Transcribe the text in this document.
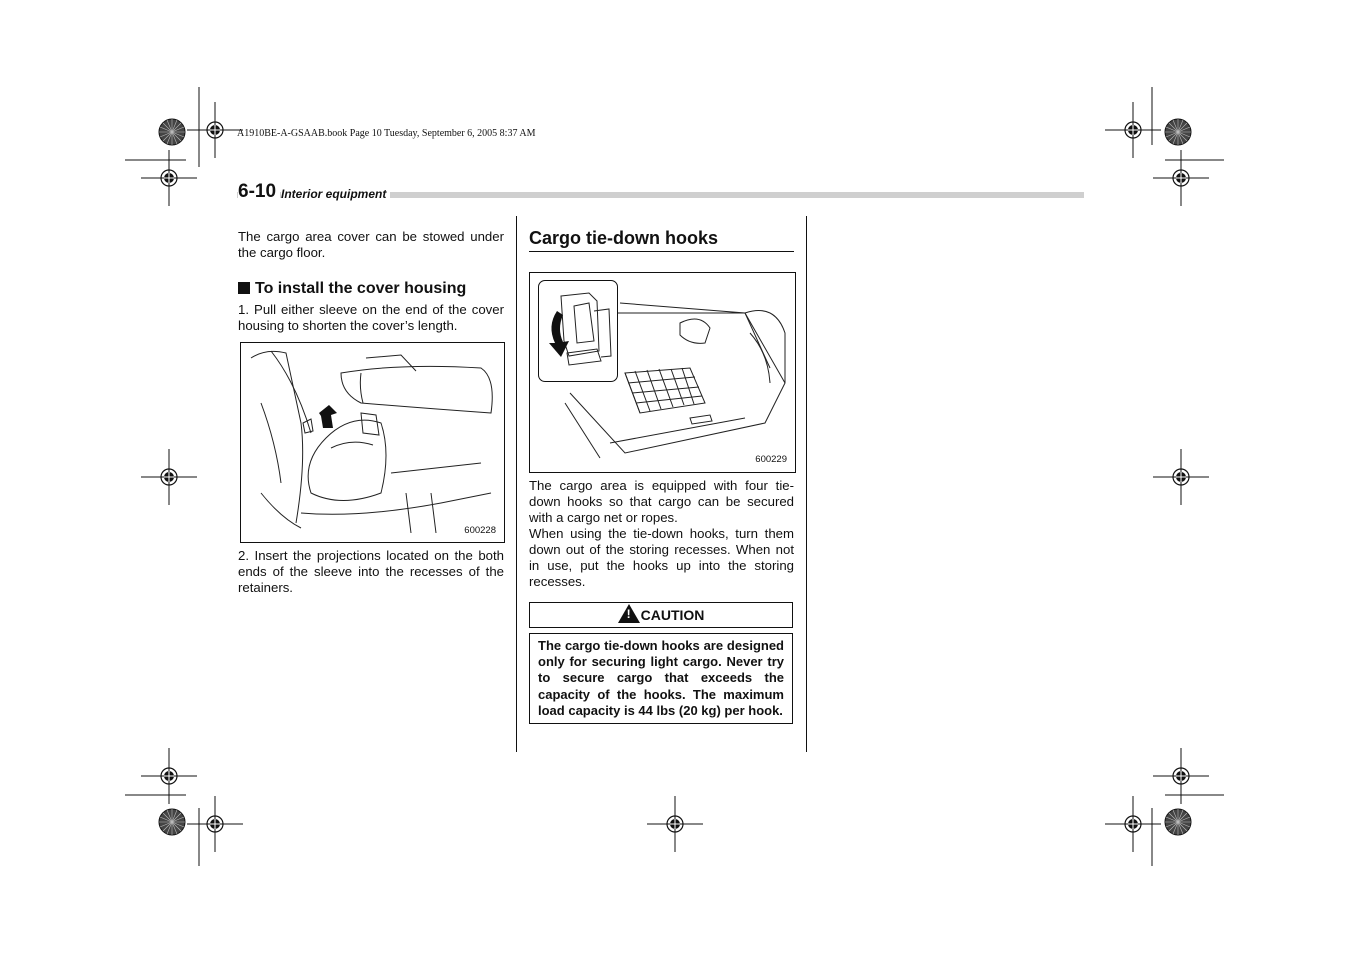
A1910BE-A-GSAAB.book Page 10 Tuesday, September 6, 2005 8:37 AM
6-10 Interior equipment
The cargo area cover can be stowed under the cargo floor.
To install the cover housing
1. Pull either sleeve on the end of the cover housing to shorten the cover’s length.
600228
2. Insert the projections located on the both ends of the sleeve into the recesses of the retainers.
Cargo tie-down hooks
600229
The cargo area is equipped with four tie-down hooks so that cargo can be secured with a cargo net or ropes.
When using the tie-down hooks, turn them down out of the storing recesses. When not in use, put the hooks up into the storing recesses.
! CAUTION
The cargo tie-down hooks are designed only for securing light cargo. Never try to secure cargo that exceeds the capacity of the hooks. The maximum load capacity is 44 lbs (20 kg) per hook.
